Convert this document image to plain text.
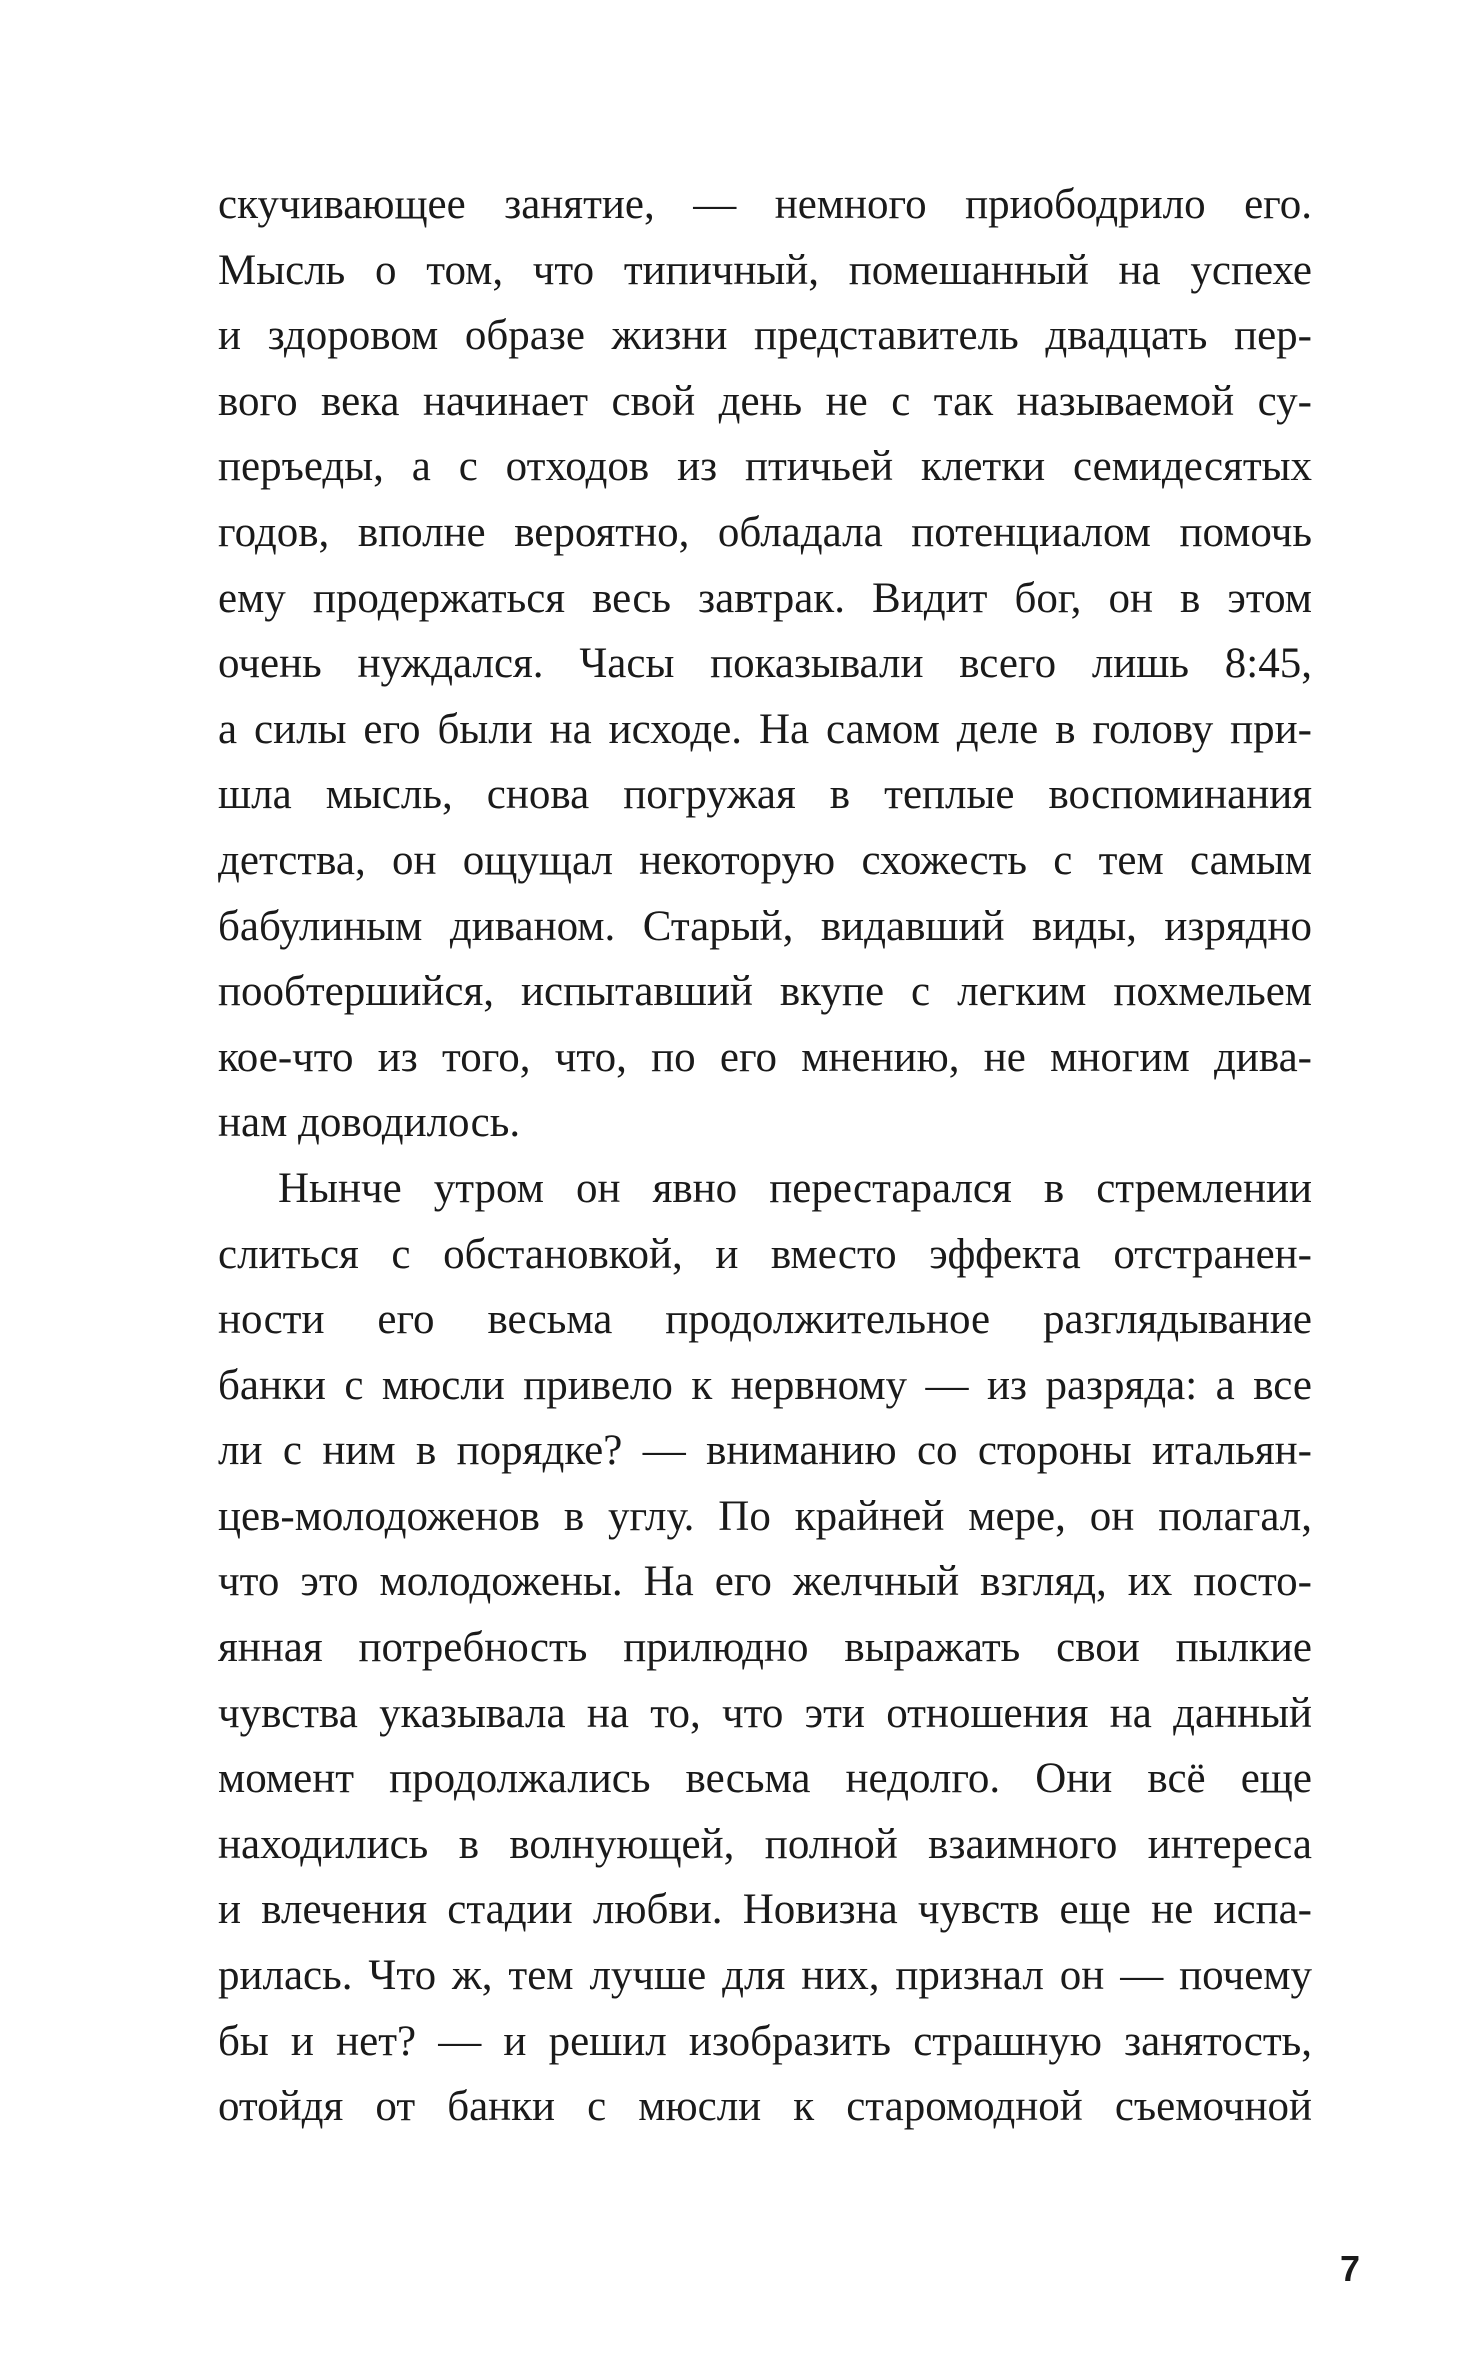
скучивающее занятие, — немного приободрило его.
Мысль о том, что типичный, помешанный на успехе
и здоровом образе жизни представитель двадцать пер-
вого века начинает свой день не с так называемой су-
перъеды, а с отходов из птичьей клетки семидесятых
годов, вполне вероятно, обладала потенциалом помочь
ему продержаться весь завтрак. Видит бог, он в этом
очень нуждался. Часы показывали всего лишь 8:45,
а силы его были на исходе. На самом деле в голову при-
шла мысль, снова погружая в теплые воспоминания
детства, он ощущал некоторую схожесть с тем самым
бабулиным диваном. Старый, видавший виды, изрядно
пообтершийся, испытавший вкупе с легким похмельем
кое-что из того, что, по его мнению, не многим дива-
нам доводилось.
Нынче утром он явно перестарался в стремлении
слиться с обстановкой, и вместо эффекта отстранен-
ности его весьма продолжительное разглядывание
банки с мюсли привело к нервному — из разряда: а все
ли с ним в порядке? — вниманию со стороны итальян-
цев-молодоженов в углу. По крайней мере, он полагал,
что это молодожены. На его желчный взгляд, их посто-
янная потребность прилюдно выражать свои пылкие
чувства указывала на то, что эти отношения на данный
момент продолжались весьма недолго. Они всё еще
находились в волнующей, полной взаимного интереса
и влечения стадии любви. Новизна чувств еще не испа-
рилась. Что ж, тем лучше для них, признал он — почему
бы и нет? — и решил изобразить страшную занятость,
отойдя от банки с мюсли к старомодной съемочной
7
